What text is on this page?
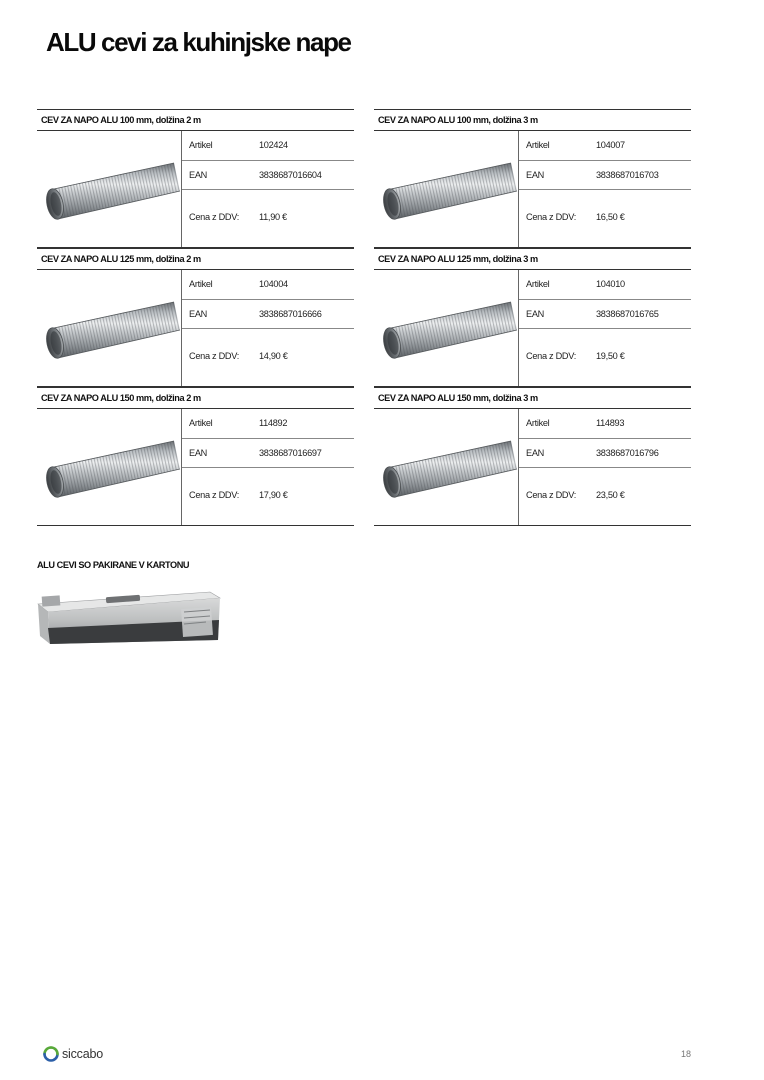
ALU cevi za kuhinjske nape
CEV ZA NAPO ALU 100 mm, dolžina 2 m
Artikel	102424
EAN	3838687016604
Cena z DDV: 11,90 €
CEV ZA NAPO ALU 100 mm, dolžina 3 m
Artikel	104007
EAN	3838687016703
Cena z DDV: 16,50 €
CEV ZA NAPO ALU 125 mm, dolžina 2 m
Artikel	104004
EAN	3838687016666
Cena z DDV: 14,90 €
CEV ZA NAPO ALU 125 mm, dolžina 3 m
Artikel	104010
EAN	3838687016765
Cena z DDV: 19,50 €
CEV ZA NAPO ALU 150 mm, dolžina 2 m
Artikel	114892
EAN	3838687016697
Cena z DDV: 17,90 €
CEV ZA NAPO ALU 150 mm, dolžina 3 m
Artikel	114893
EAN	3838687016796
Cena z DDV: 23,50 €
ALU CEVI SO PAKIRANE V KARTONU
siccabo	18
